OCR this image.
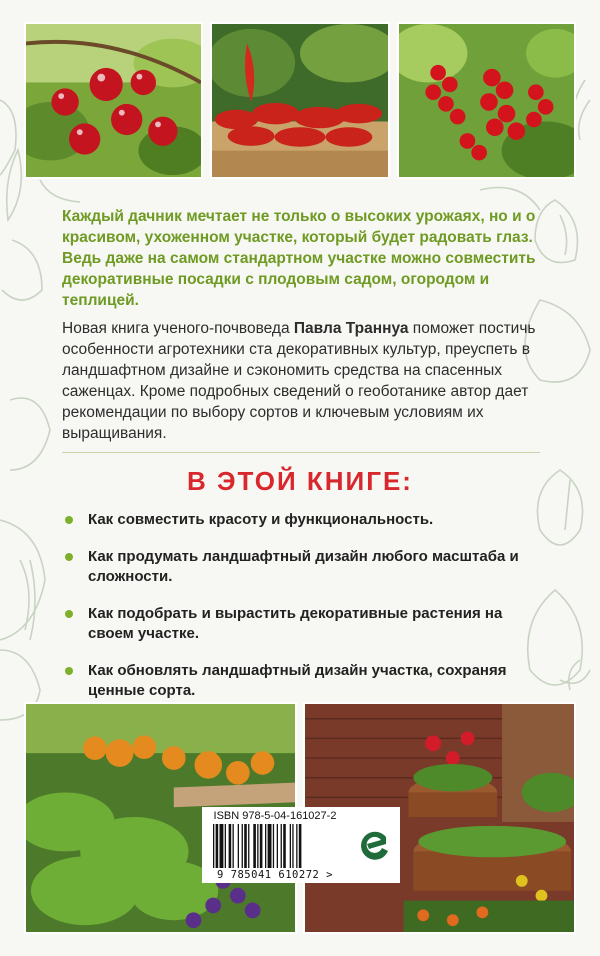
Каждый дачник мечтает не только о высоких урожаях, но и о красивом, ухоженном участке, который будет радовать глаз. Ведь даже на самом стандартном участке можно совместить декоративные посадки с плодовым садом, огородом и теплицей.

Новая книга ученого-почвоведа Павла Траннуа поможет постичь особенности агротехники ста декоративных культур, преуспеть в ландшафтном дизайне и сэкономить средства на спасенных саженцах. Кроме подробных сведений о геоботанике автор дает рекомендации по выбору сортов и ключевым условиям их выращивания.

В ЭТОЙ КНИГЕ:
Как совместить красоту и функциональность.
Как продумать ландшафтный дизайн любого масштаба и сложности.
Как подобрать и вырастить декоративные растения на своем участке.
Как обновлять ландшафтный дизайн участка, сохраняя ценные сорта.
ISBN 978-5-04-161027-2
9 785041 610272 >
